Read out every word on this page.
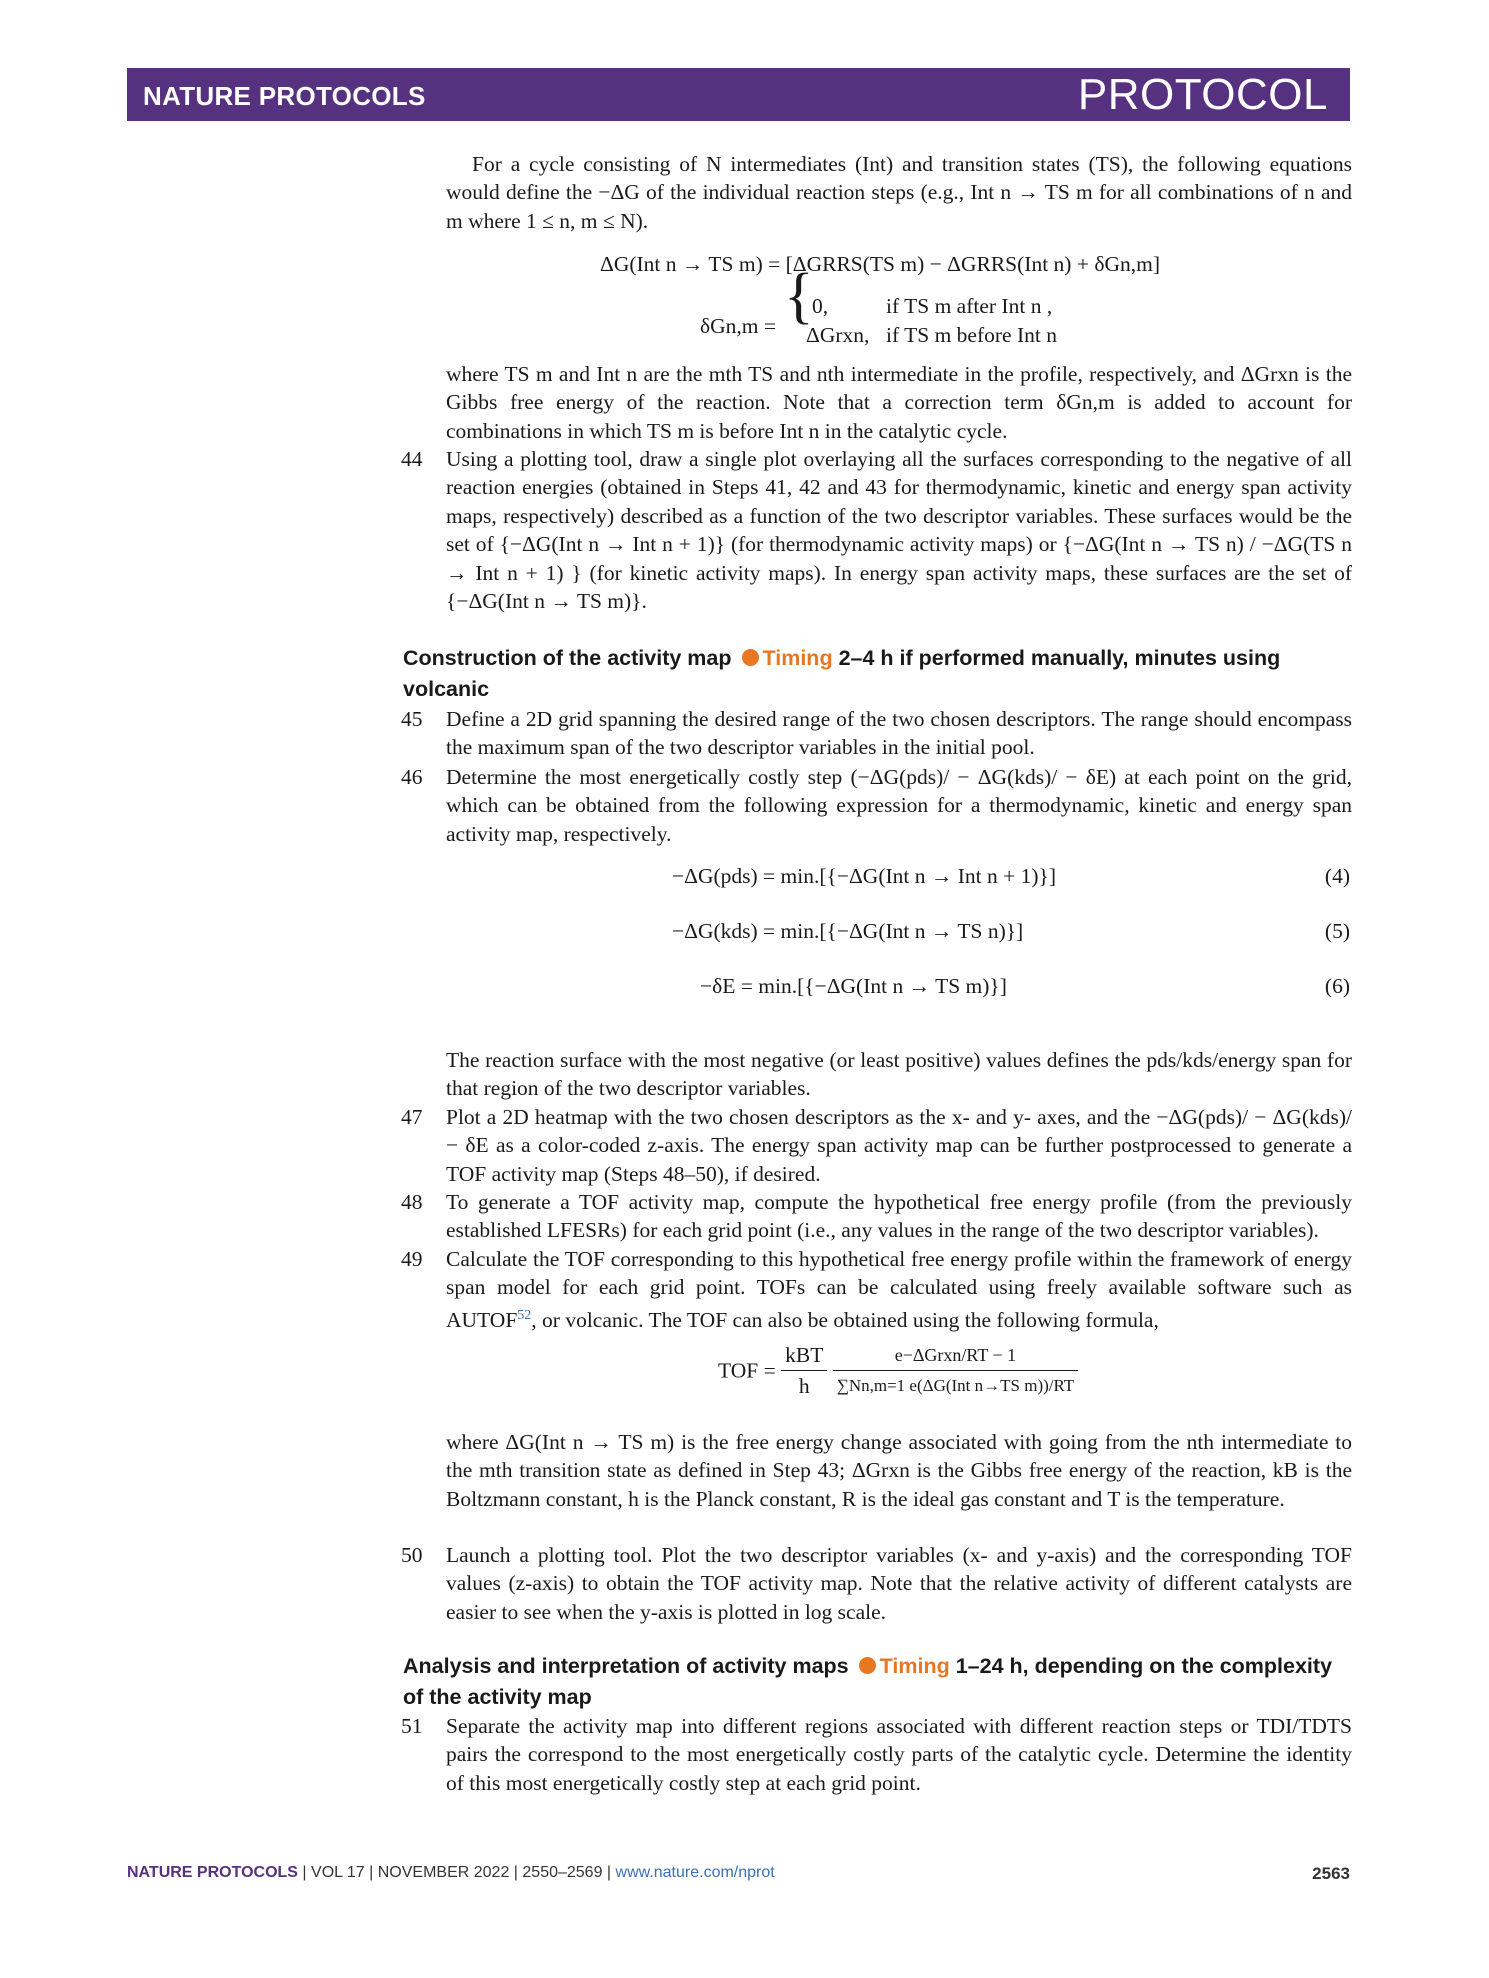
NATURE PROTOCOLS	PROTOCOL
For a cycle consisting of N intermediates (Int) and transition states (TS), the following equations would define the −ΔG of the individual reaction steps (e.g., Int n → TS m for all combinations of n and m where 1 ≤ n, m ≤ N).
ΔG(Int n → TS m) = [ΔGRRS(TS m) − ΔGRRS(Int n) + δGn,m]
δGn,m = {
0,	if TS m after Int n ,
ΔGrxn, if TS m before Int n
where TS m and Int n are the mth TS and nth intermediate in the profile, respectively, and ΔGrxn is the Gibbs free energy of the reaction. Note that a correction term δGn,m is added to account for combinations in which TS m is before Int n in the catalytic cycle.
44 Using a plotting tool, draw a single plot overlaying all the surfaces corresponding to the negative of all reaction energies (obtained in Steps 41, 42 and 43 for thermodynamic, kinetic and energy span activity maps, respectively) described as a function of the two descriptor variables. These surfaces would be the set of {−ΔG(Int n → Int n + 1)} (for thermodynamic activity maps) or {−ΔG(Int n → TS n) / −ΔG(TS n → Int n + 1) } (for kinetic activity maps). In energy span activity maps, these surfaces are the set of {−ΔG(Int n → TS m)}.
Construction of the activity map Timing 2–4 h if performed manually, minutes using volcanic
45 Define a 2D grid spanning the desired range of the two chosen descriptors. The range should encompass the maximum span of the two descriptor variables in the initial pool.
46 Determine the most energetically costly step (−ΔG(pds)/ − ΔG(kds)/ − δE) at each point on the grid, which can be obtained from the following expression for a thermodynamic, kinetic and energy span activity map, respectively.
−ΔG(pds) = min.[{−ΔG(Int n → Int n + 1)}]	(4)
−ΔG(kds) = min.[{−ΔG(Int n → TS n)}]	(5)
−δE = min.[{−ΔG(Int n → TS m)}]	(6)
The reaction surface with the most negative (or least positive) values defines the pds/kds/energy span for that region of the two descriptor variables.
47 Plot a 2D heatmap with the two chosen descriptors as the x- and y- axes, and the −ΔG(pds)/ − ΔG(kds)/ − δE as a color-coded z-axis. The energy span activity map can be further postprocessed to generate a TOF activity map (Steps 48–50), if desired.
48 To generate a TOF activity map, compute the hypothetical free energy profile (from the previously established LFESRs) for each grid point (i.e., any values in the range of the two descriptor variables).
49 Calculate the TOF corresponding to this hypothetical free energy profile within the framework of energy span model for each grid point. TOFs can be calculated using freely available software such as AUTOF$^{52}$, or volcanic. The TOF can also be obtained using the following formula,
TOF = $\frac{\text{kBT}}{h}$
$\frac{\text{e−ΔGrxn/RT − 1}}{\text{∑Nn,m=1 e(ΔG(Int n→TS m))/RT}}$
where ΔG(Int n → TS m) is the free energy change associated with going from the nth intermediate to the mth transition state as defined in Step 43; ΔGrxn is the Gibbs free energy of the reaction, kB is the Boltzmann constant, h is the Planck constant, R is the ideal gas constant and T is the temperature.
50 Launch a plotting tool. Plot the two descriptor variables (x- and y-axis) and the corresponding TOF values (z-axis) to obtain the TOF activity map. Note that the relative activity of different catalysts are easier to see when the y-axis is plotted in log scale.
Analysis and interpretation of activity maps Timing 1–24 h, depending on the complexity of the activity map
51 Separate the activity map into different regions associated with different reaction steps or TDI/TDTS pairs the correspond to the most energetically costly parts of the catalytic cycle. Determine the identity of this most energetically costly step at each grid point.
NATURE PROTOCOLS | VOL 17 | NOVEMBER 2022 | 2550–2569 | www.nature.com/nprot	2563
